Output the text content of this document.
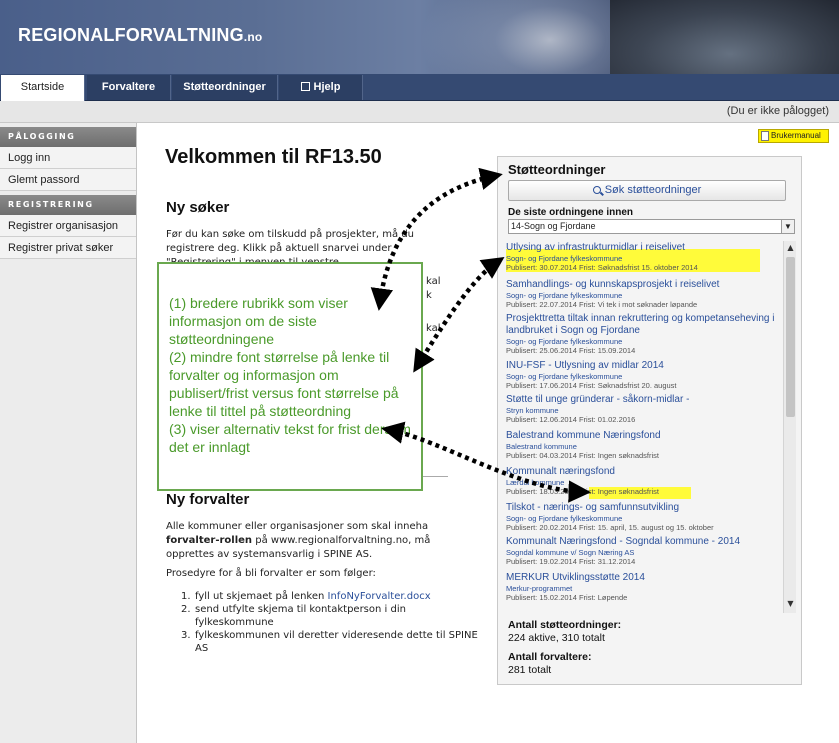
REGIONALFORVALTNING.no
Startside	Forvaltere	Støtteordninger	Hjelp
(Du er ikke pålogget)
PÅLOGGING
Logg inn
Glemt passord
REGISTRERING
Registrer organisasjon
Registrer privat søker
Brukermanual
Velkommen til RF13.50
Ny søker
Før du kan søke om tilskudd på prosjekter, må du registrere deg. Klikk på aktuell snarvei under
kal
k
kal
Ny forvalter
Alle kommuner eller organisasjoner som skal inneha forvalter-rollen på www.regionalforvaltning.no, må opprettes av systemansvarlig i SPINE AS.
Prosedyre for å bli forvalter er som følger:
1. fyll ut skjemaet på lenken InfoNyForvalter.docx
2. send utfylte skjema til kontaktperson i din fylkeskommune
3. fylkeskommunen vil deretter videresende dette til SPINE AS
Støtteordninger
Søk støtteordninger
De siste ordningene innen
14-Sogn og Fjordane	▼
Utlysing av infrastrukturmidlar i reiselivet
Sogn- og Fjordane fylkeskommune
Publisert: 30.07.2014 Frist: Søknadsfrist 15. oktober 2014
Samhandlings- og kunnskapsprosjekt i reiselivet
Sogn- og Fjordane fylkeskommune
Publisert: 22.07.2014 Frist: Vi tek i mot søknader løpande
Prosjekttretta tiltak innan rekruttering og kompetanseheving i landbruket i Sogn og Fjordane
Sogn- og Fjordane fylkeskommune
Publisert: 25.06.2014 Frist: 15.09.2014
INU-FSF - Utlysning av midlar 2014
Sogn- og Fjordane fylkeskommune
Publisert: 17.06.2014 Frist: Søknadsfrist 20. august
Støtte til unge gründerar - såkorn-midlar -
Stryn kommune
Publisert: 12.06.2014 Frist: 01.02.2016
Balestrand kommune Næringsfond
Balestrand kommune
Publisert: 04.03.2014 Frist: Ingen søknadsfrist
Kommunalt næringsfond
Lærdal kommune
Publisert: 18.03.2014 Frist: Ingen søknadsfrist
Tilskot - nærings- og samfunnsutvikling
Sogn- og Fjordane fylkeskommune
Publisert: 20.02.2014 Frist: 15. april, 15. august og 15. oktober
Kommunalt Næringsfond - Sogndal kommune - 2014
Sogndal kommune v/ Sogn Næring AS
Publisert: 19.02.2014 Frist: 31.12.2014
MERKUR Utviklingsstøtte 2014
Merkur-programmet
Publisert: 15.02.2014 Frist: Løpende
▲
▼
Antall støtteordninger:
224 aktive, 310 totalt
Antall forvaltere:
281 totalt
(1) bredere rubrikk som viser informasjon om de siste støtteordningene
(2) mindre font størrelse på lenke til forvalter og informasjon om publisert/frist versus font størrelse på lenke til tittel på støtteordning
(3) viser alternativ tekst for frist dersom det er innlagt
